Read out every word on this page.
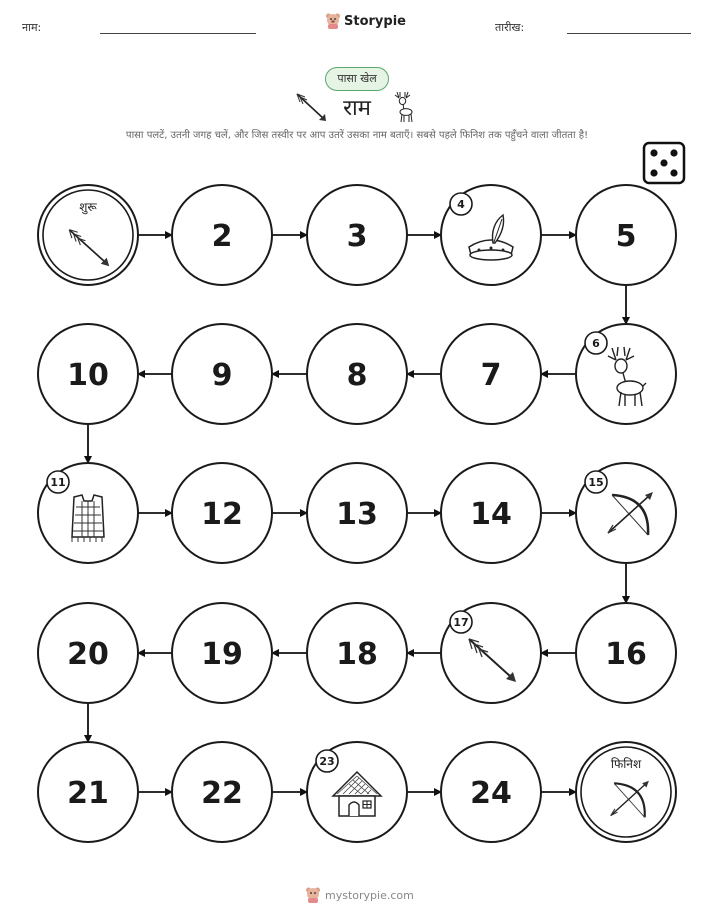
नाम:	Storypie	तारीख:
पासा खेल
राम
पासा पलटें, उतनी जगह चलें, और जिस तस्वीर पर आप उतरें उसका नाम बताएँ। सबसे पहले फिनिश तक पहुँचने वाला जीतता है!
शुरू
2	3
4
5
6
7
8
9
10
11
12	13	14
15
16
17
18
19
20
21	22
23
24
फिनिश
mystorypie.com
